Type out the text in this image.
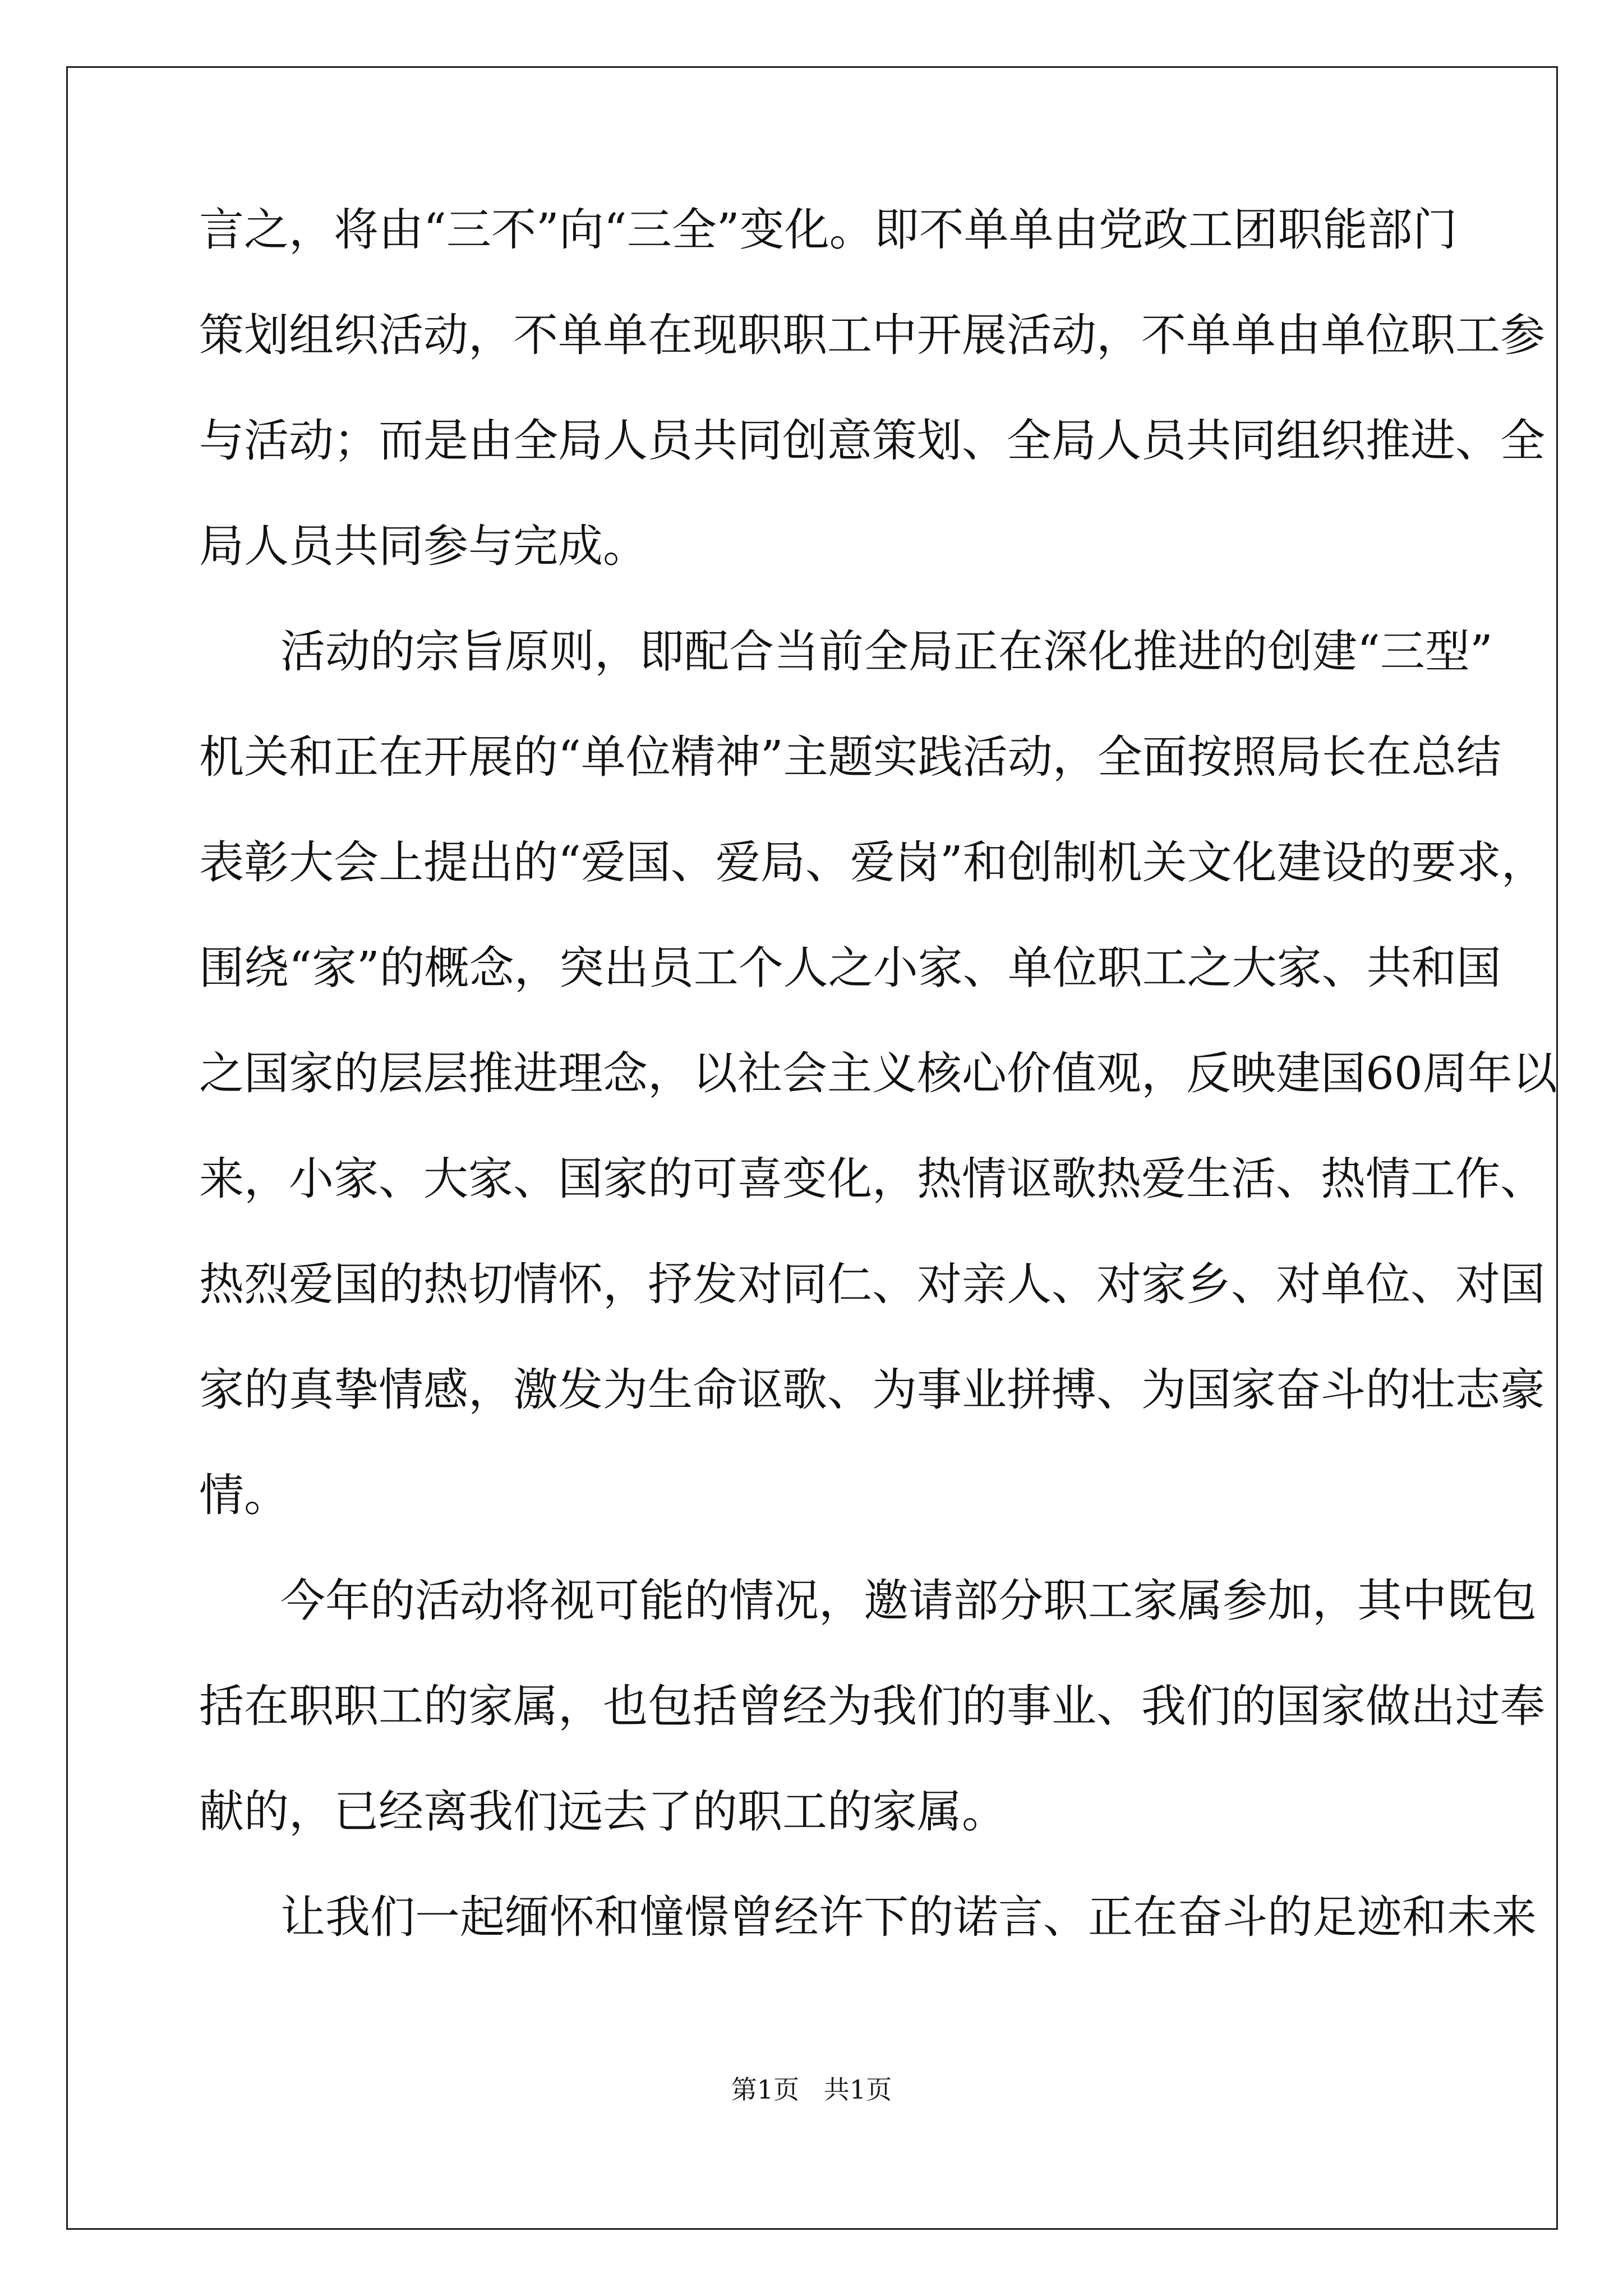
言之，将由“三不”向“三全”变化。即不单单由党政工团职能部门
策划组织活动，不单单在现职职工中开展活动，不单单由单位职工参
与活动；而是由全局人员共同创意策划、全局人员共同组织推进、全
局人员共同参与完成。
活动的宗旨原则，即配合当前全局正在深化推进的创建“三型”
机关和正在开展的“单位精神”主题实践活动，全面按照局长在总结
表彰大会上提出的“爱国、爱局、爱岗”和创制机关文化建设的要求，
围绕“家”的概念，突出员工个人之小家、单位职工之大家、共和国
之国家的层层推进理念，以社会主义核心价值观，反映建国60周年以
来，小家、大家、国家的可喜变化，热情讴歌热爱生活、热情工作、
热烈爱国的热切情怀，抒发对同仁、对亲人、对家乡、对单位、对国
家的真挚情感，激发为生命讴歌、为事业拼搏、为国家奋斗的壮志豪
情。
今年的活动将视可能的情况，邀请部分职工家属参加，其中既包
括在职职工的家属，也包括曾经为我们的事业、我们的国家做出过奉
献的，已经离我们远去了的职工的家属。
让我们一起缅怀和憧憬曾经许下的诺言、正在奋斗的足迹和未来
第1页   共1页
